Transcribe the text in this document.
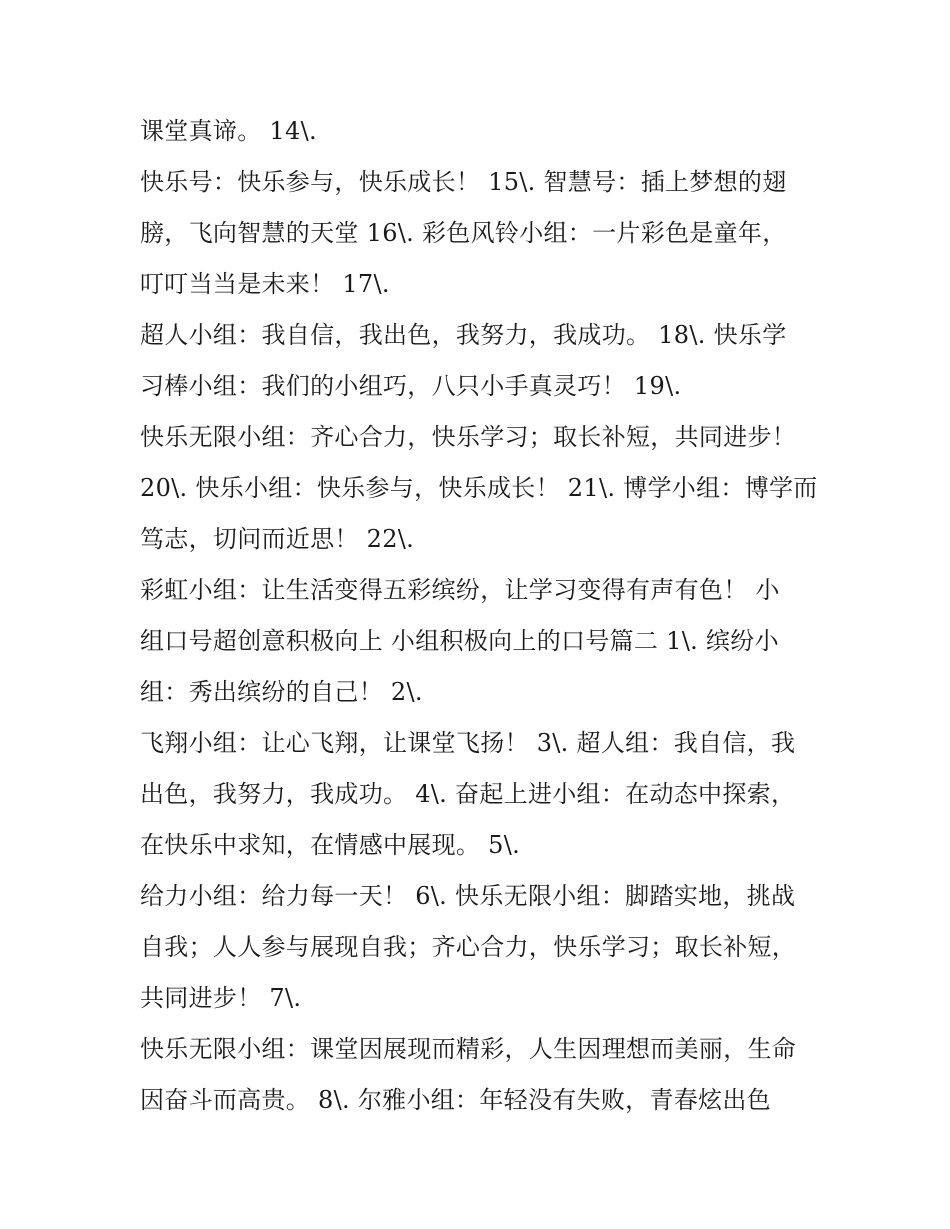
课堂真谛。 14\.
快乐号：快乐参与，快乐成长！ 15\. 智慧号：插上梦想的翅
膀，飞向智慧的天堂 16\. 彩色风铃小组：一片彩色是童年，
叮叮当当是未来！ 17\.
超人小组：我自信，我出色，我努力，我成功。 18\. 快乐学
习棒小组：我们的小组巧，八只小手真灵巧！ 19\.
快乐无限小组：齐心合力，快乐学习；取长补短，共同进步！
20\. 快乐小组：快乐参与，快乐成长！ 21\. 博学小组：博学而
笃志，切问而近思！ 22\.
彩虹小组：让生活变得五彩缤纷，让学习变得有声有色！ 小
组口号超创意积极向上 小组积极向上的口号篇二 1\. 缤纷小
组：秀出缤纷的自己！ 2\.
飞翔小组：让心飞翔，让课堂飞扬！ 3\. 超人组：我自信，我
出色，我努力，我成功。 4\. 奋起上进小组：在动态中探索，
在快乐中求知，在情感中展现。 5\.
给力小组：给力每一天！ 6\. 快乐无限小组：脚踏实地，挑战
自我；人人参与展现自我；齐心合力，快乐学习；取长补短，
共同进步！ 7\.
快乐无限小组：课堂因展现而精彩，人生因理想而美丽，生命
因奋斗而高贵。 8\. 尔雅小组：年轻没有失败，青春炫出色
